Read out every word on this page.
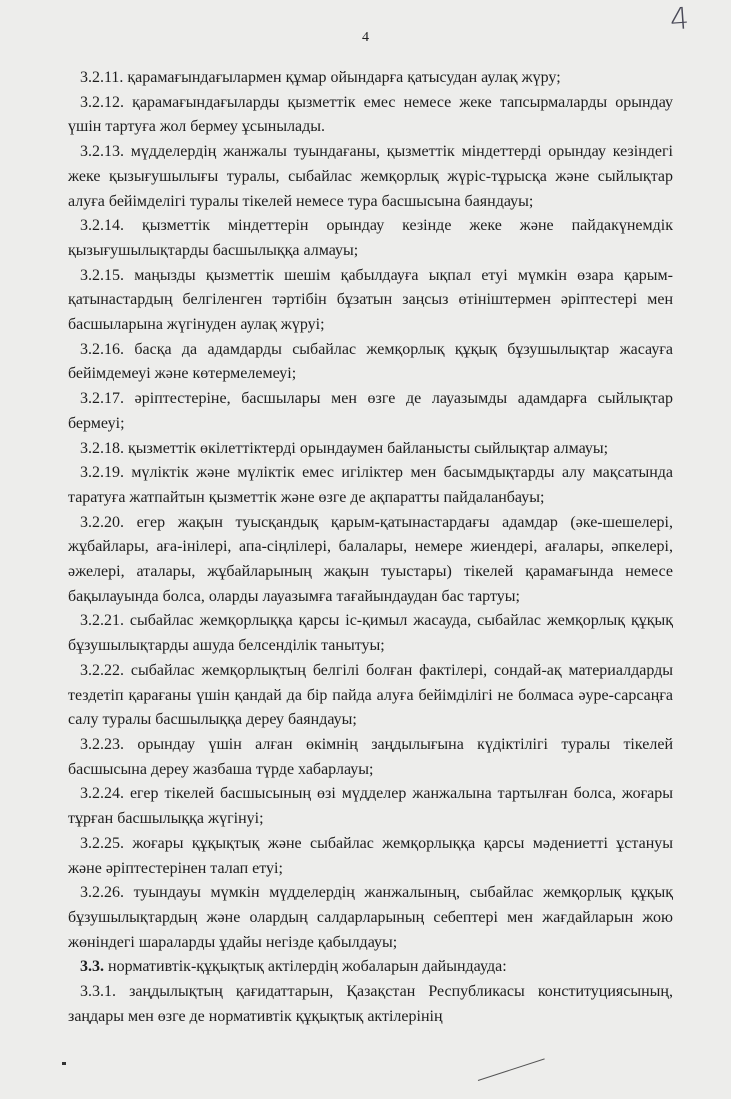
4	4

3.2.11. қарамағындағылармен құмар ойындарға қатысудан аулақ жүру;

3.2.12. қарамағындағыларды қызметтік емес немесе жеке тапсырмаларды орындау үшін тартуға жол бермеу ұсынылады.

3.2.13. мүдделердің жанжалы туындағаны, қызметтік міндеттерді орындау кезіндегі жеке қызығушылығы туралы, сыбайлас жемқорлық жүріс-тұрысқа және сыйлықтар алуға бейімделігі туралы тікелей немесе тура басшысына баяндауы;

3.2.14. қызметтік міндеттерін орындау кезінде жеке және пайдакүнемдік қызығушылықтарды басшылыққа алмауы;

3.2.15. маңызды қызметтік шешім қабылдауға ықпал етуі мүмкін өзара қарым-қатынастардың белгіленген тәртібін бұзатын заңсыз өтініштермен әріптестері мен басшыларына жүгінуден аулақ жүруі;

3.2.16. басқа да адамдарды сыбайлас жемқорлық құқық бұзушылықтар жасауға бейімдемеуі және көтермелемеуі;

3.2.17. әріптестеріне, басшылары мен өзге де лауазымды адамдарға сыйлықтар бермеуі;

3.2.18. қызметтік өкілеттіктерді орындаумен байланысты сыйлықтар алмауы;

3.2.19. мүліктік және мүліктік емес игіліктер мен басымдықтарды алу мақсатында таратуға жатпайтын қызметтік және өзге де ақпаратты пайдаланбауы;

3.2.20. егер жақын туысқандық қарым-қатынастардағы адамдар (әке-шешелері, жұбайлары, аға-інілері, апа-сіңлілері, балалары, немере жиендері, ағалары, әпкелері, әжелері, аталары, жұбайларының жақын туыстары) тікелей қарамағында немесе бақылауында болса, оларды лауазымға тағайындаудан бас тартуы;

3.2.21. сыбайлас жемқорлыққа қарсы іс-қимыл жасауда, сыбайлас жемқорлық құқық бұзушылықтарды ашуда белсенділік танытуы;

3.2.22. сыбайлас жемқорлықтың белгілі болған фактілері, сондай-ақ материалдарды тездетіп қарағаны үшін қандай да бір пайда алуға бейімділігі не болмаса әуре-сарсаңға салу туралы басшылыққа дереу баяндауы;

3.2.23. орындау үшін алған өкімнің заңдылығына күдіктілігі туралы тікелей басшысына дереу жазбаша түрде хабарлауы;

3.2.24. егер тікелей басшысының өзі мүдделер жанжалына тартылған болса, жоғары тұрған басшылыққа жүгінуі;

3.2.25. жоғары құқықтық және сыбайлас жемқорлыққа қарсы мәдениетті ұстануы және әріптестерінен талап етуі;

3.2.26. туындауы мүмкін мүдделердің жанжалының, сыбайлас жемқорлық құқық бұзушылықтардың және олардың салдарларының себептері мен жағдайларын жою жөніндегі шараларды ұдайы негізде қабылдауы;

3.3. нормативтік-құқықтық актілердің жобаларын дайындауда:

3.3.1. заңдылықтың қағидаттарын, Қазақстан Республикасы конституциясының, заңдары мен өзге де нормативтік құқықтық актілерінің
